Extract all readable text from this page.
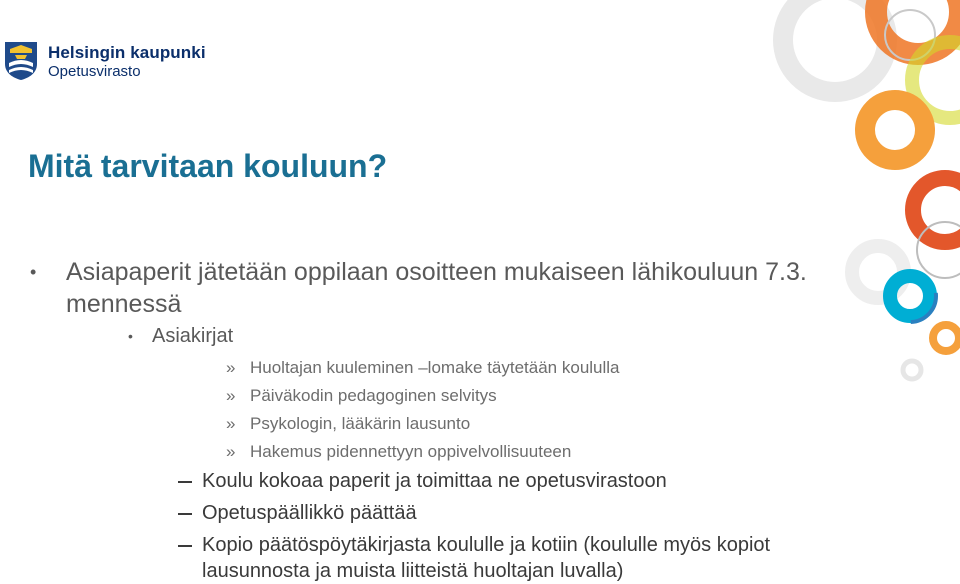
Helsingin kaupunki
Opetusvirasto
Mitä tarvitaan kouluun?
• Asiapaperit jätetään oppilaan osoitteen mukaiseen lähikouluun 7.3. mennessä
• Asiakirjat
» Huoltajan kuuleminen –lomake täytetään koululla
» Päiväkodin pedagoginen selvitys
» Psykologin, lääkärin lausunto
» Hakemus pidennettyyn oppivelvollisuuteen
Koulu kokoaa paperit ja toimittaa ne opetusvirastoon
Opetuspäällikkö päättää
Kopio päätöspöytäkirjasta koululle ja kotiin (koululle myös kopiot lausunnosta ja muista liitteistä huoltajan luvalla)
